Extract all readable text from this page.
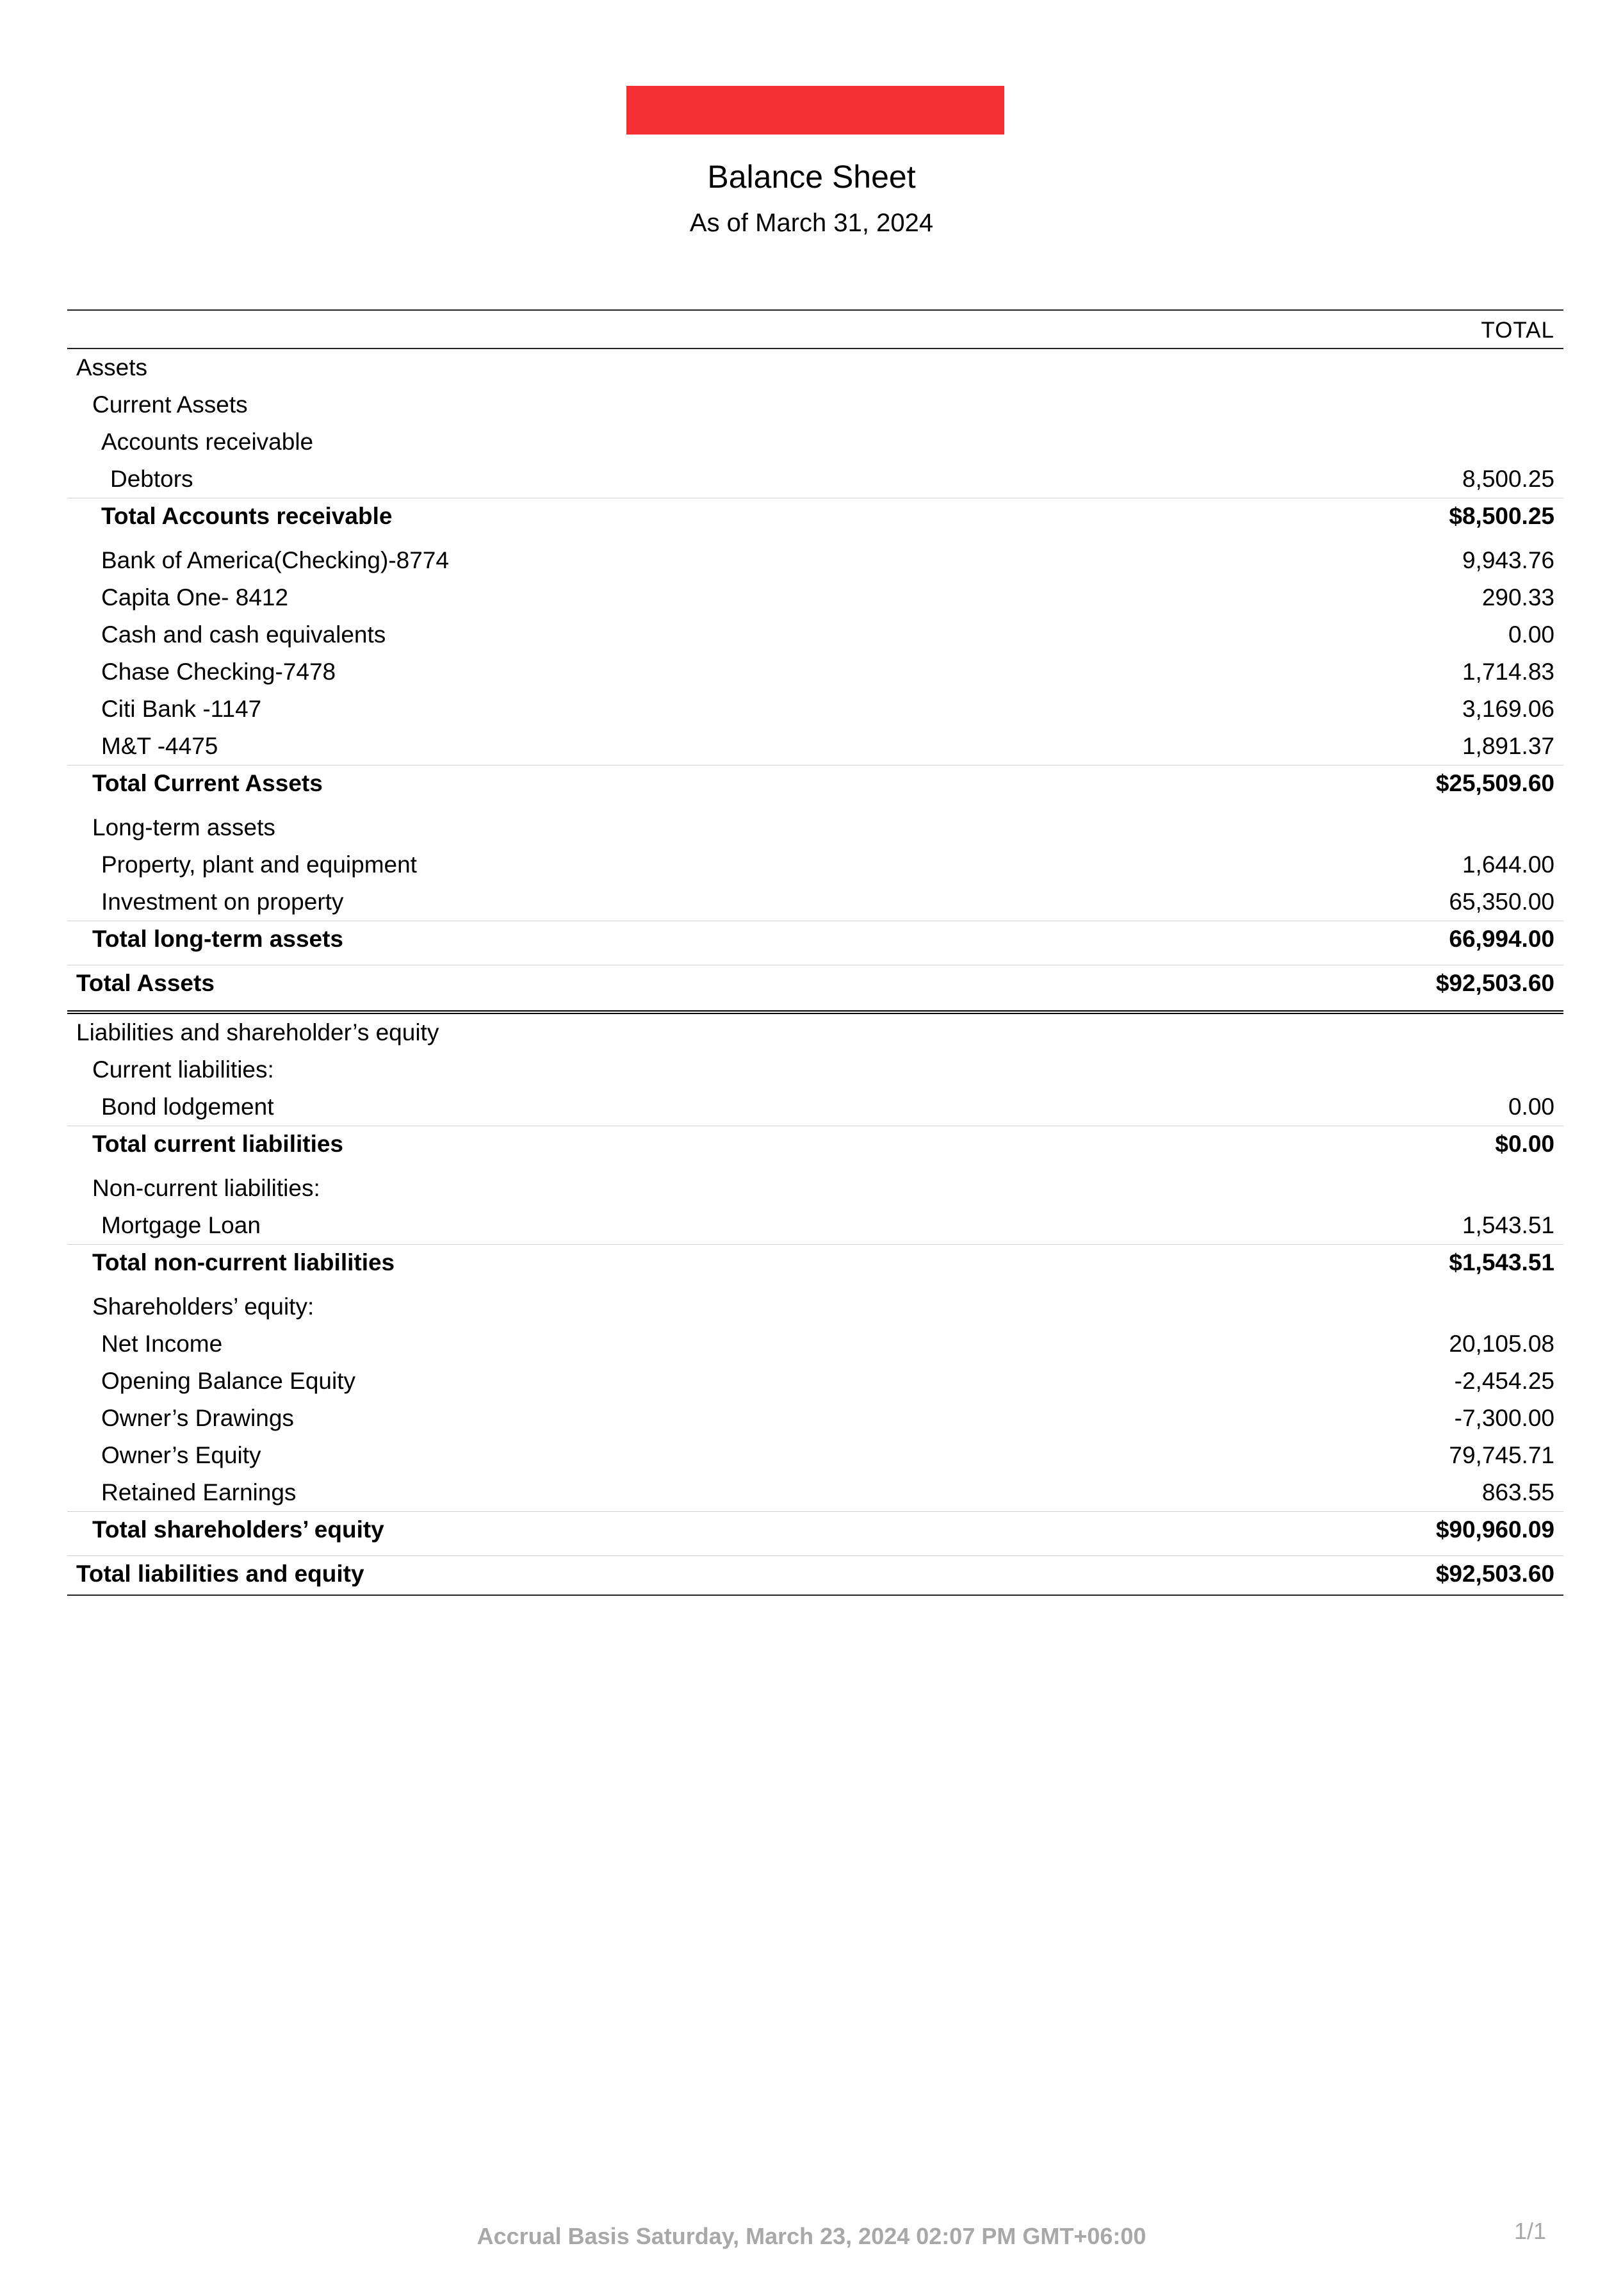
Balance Sheet
As of March 31, 2024
TOTAL
Assets
Current Assets
Accounts receivable
Debtors	8,500.25
Total Accounts receivable	$8,500.25
Bank of America(Checking)-8774	9,943.76
Capita One- 8412	290.33
Cash and cash equivalents	0.00
Chase Checking-7478	1,714.83
Citi Bank -1147	3,169.06
M&T -4475	1,891.37
Total Current Assets	$25,509.60
Long-term assets
Property, plant and equipment	1,644.00
Investment on property	65,350.00
Total long-term assets	66,994.00
Total Assets	$92,503.60
Liabilities and shareholder’s equity
Current liabilities:
Bond lodgement	0.00
Total current liabilities	$0.00
Non-current liabilities:
Mortgage Loan	1,543.51
Total non-current liabilities	$1,543.51
Shareholders’ equity:
Net Income	20,105.08
Opening Balance Equity	-2,454.25
Owner’s Drawings	-7,300.00
Owner’s Equity	79,745.71
Retained Earnings	863.55
Total shareholders’ equity	$90,960.09
Total liabilities and equity	$92,503.60
Accrual Basis Saturday, March 23, 2024 02:07 PM GMT+06:00	1/1
